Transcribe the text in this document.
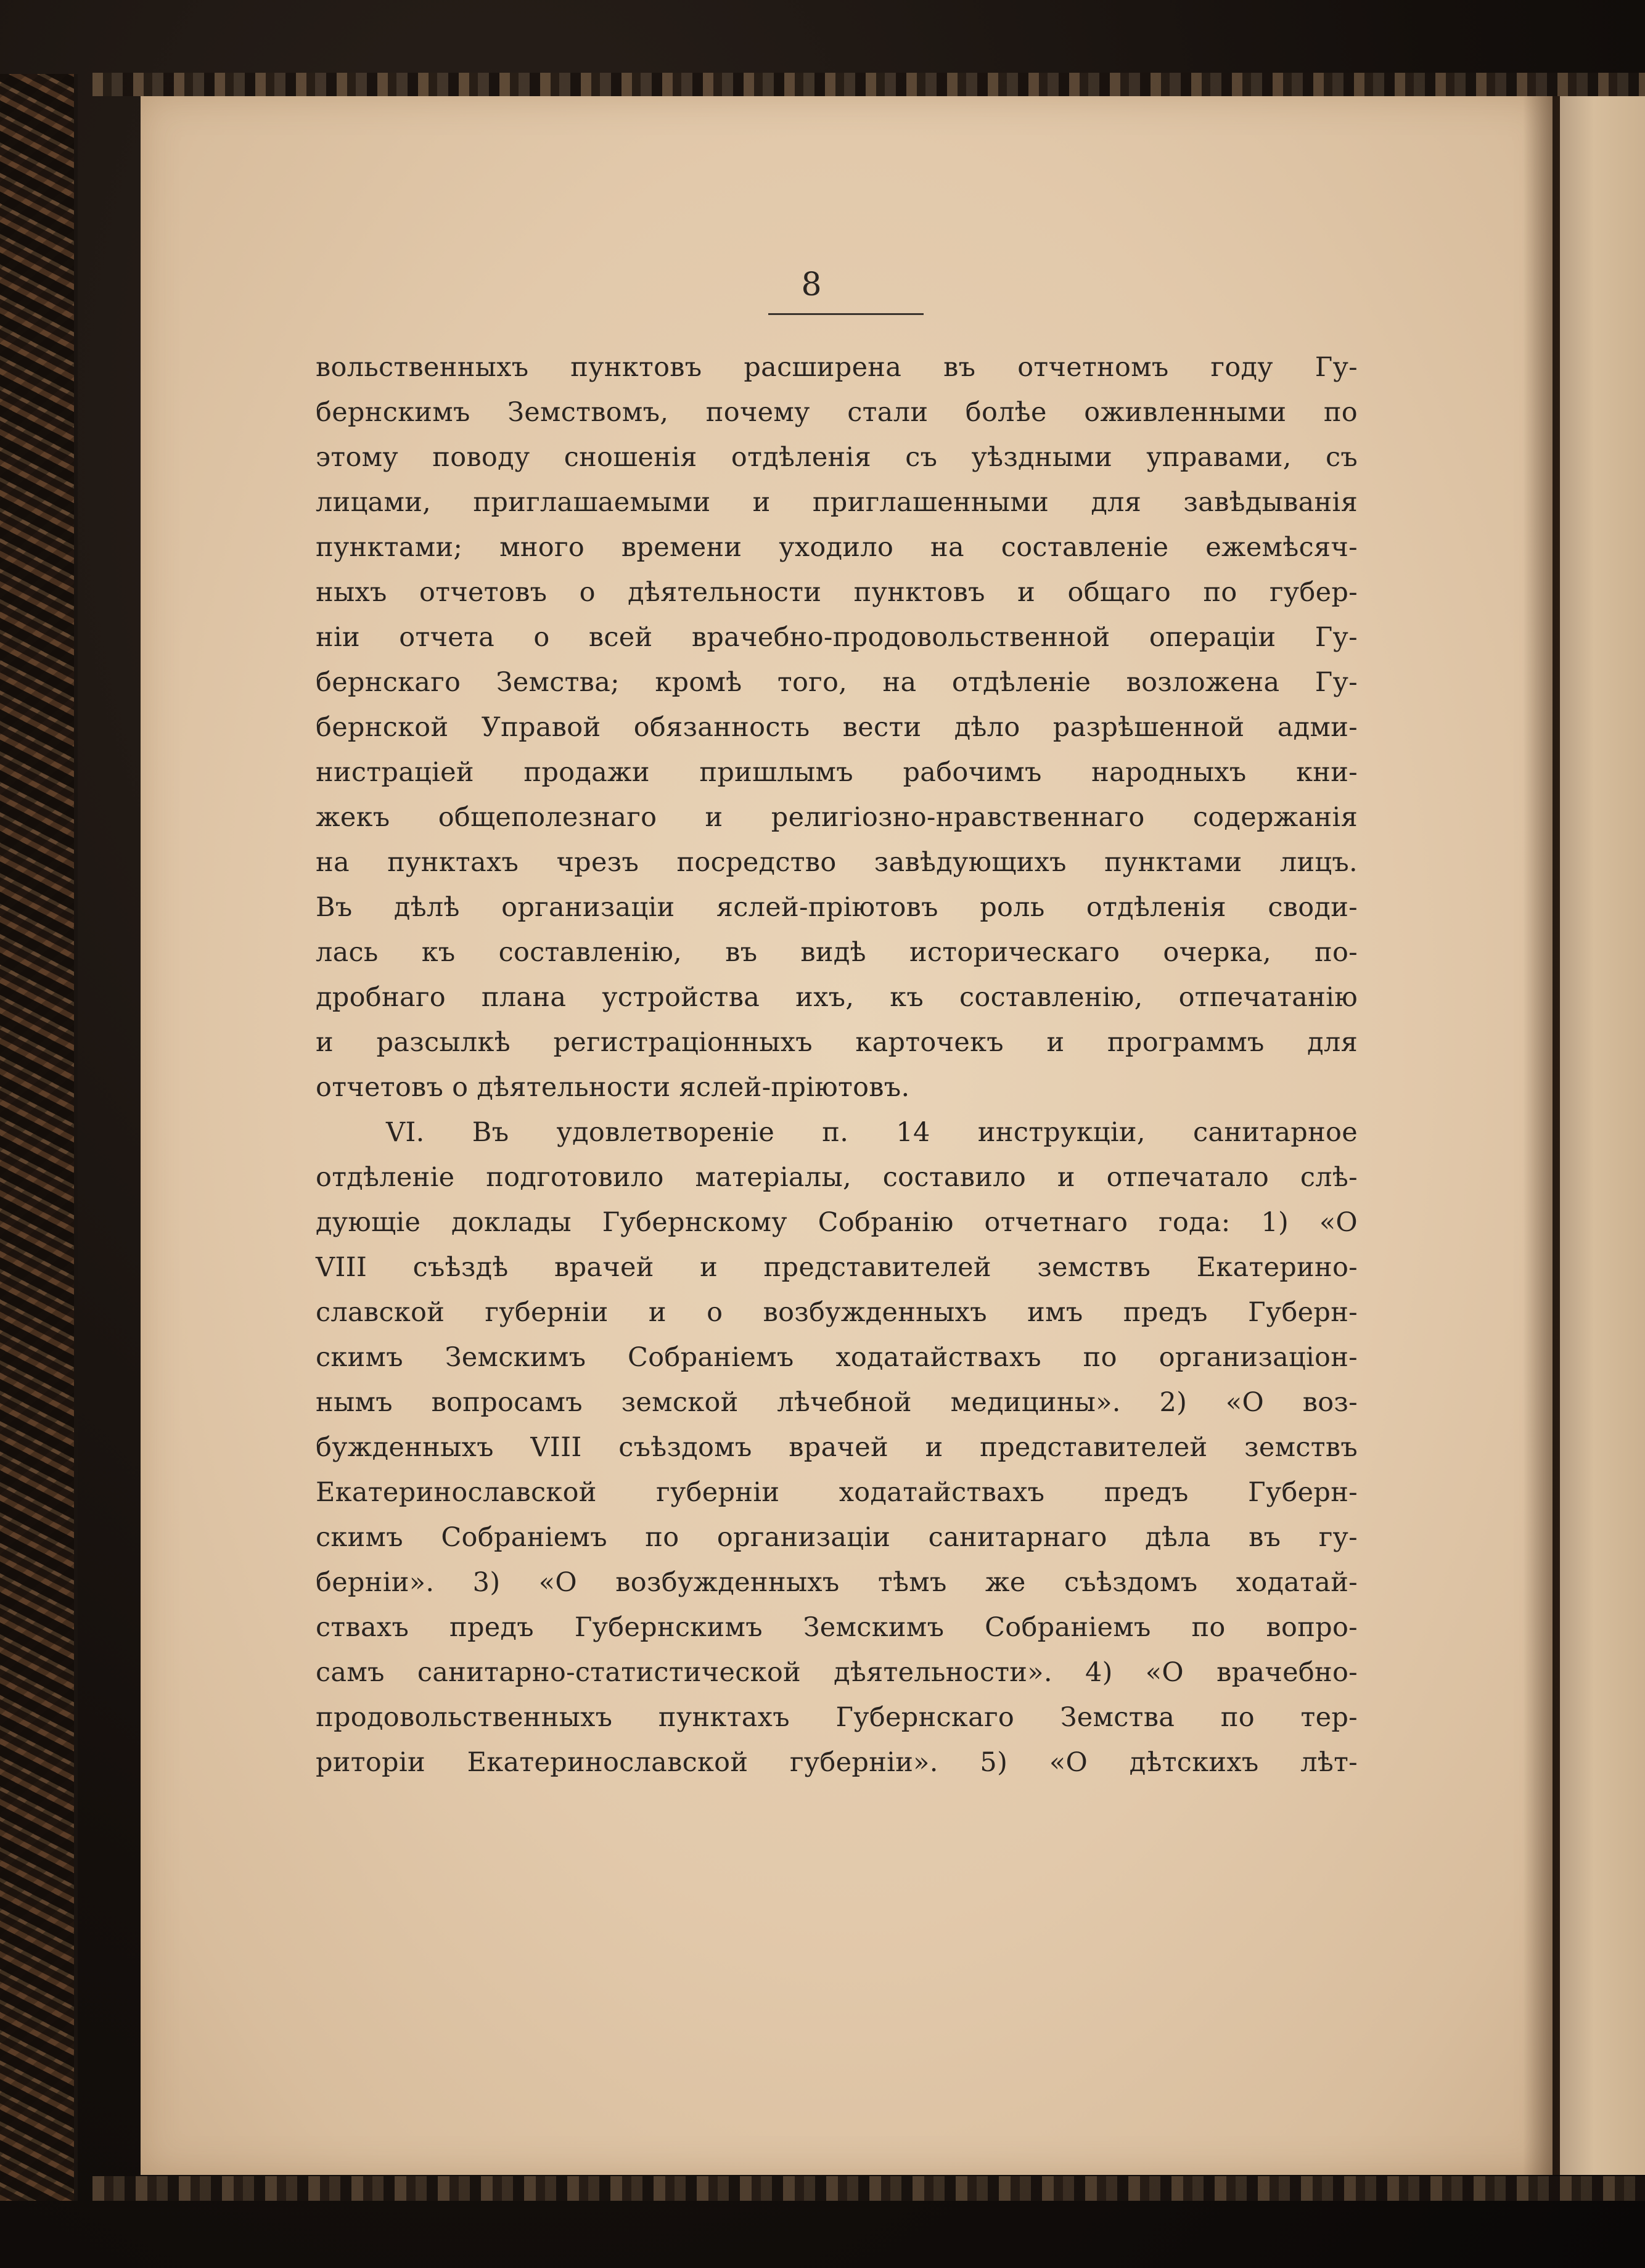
8

вольственныхъ пунктовъ расширена въ отчетномъ году Гу-
бернскимъ Земствомъ, почему стали болѣе оживленными по
этому поводу сношенія отдѣленія съ уѣздными управами, съ
лицами, приглашаемыми и приглашенными для завѣдыванія
пунктами; много времени уходило на составленіе ежемѣсяч-
ныхъ отчетовъ о дѣятельности пунктовъ и общаго по губер-
ніи отчета о всей врачебно-продовольственной операціи Гу-
бернскаго Земства; кромѣ того, на отдѣленіе возложена Гу-
бернской Управой обязанность вести дѣло разрѣшенной адми-
нистраціей продажи пришлымъ рабочимъ народныхъ кни-
жекъ общеполезнаго и религіозно-нравственнаго содержанія
на пунктахъ чрезъ посредство завѣдующихъ пунктами лицъ.
Въ дѣлѣ организаціи яслей-пріютовъ роль отдѣленія своди-
лась къ составленію, въ видѣ историческаго очерка, по-
дробнаго плана устройства ихъ, къ составленію, отпечатанію
и разсылкѣ регистраціонныхъ карточекъ и программъ для
отчетовъ о дѣятельности яслей-пріютовъ.
VI. Въ удовлетвореніе п. 14 инструкціи, санитарное
отдѣленіе подготовило матеріалы, составило и отпечатало слѣ-
дующіе доклады Губернскому Собранію отчетнаго года: 1) «О
VIII съѣздѣ врачей и представителей земствъ Екатерино-
славской губерніи и о возбужденныхъ имъ предъ Губерн-
скимъ Земскимъ Собраніемъ ходатайствахъ по организаціон-
нымъ вопросамъ земской лѣчебной медицины». 2) «О воз-
бужденныхъ VIII съѣздомъ врачей и представителей земствъ
Екатеринославской губерніи ходатайствахъ предъ Губерн-
скимъ Собраніемъ по организаціи санитарнаго дѣла въ гу-
берніи». 3) «О возбужденныхъ тѣмъ же съѣздомъ ходатай-
ствахъ предъ Губернскимъ Земскимъ Собраніемъ по вопро-
самъ санитарно-статистической дѣятельности». 4) «О врачебно-
продовольственныхъ пунктахъ Губернскаго Земства по тер-
риторіи Екатеринославской губерніи». 5) «О дѣтскихъ лѣт-
